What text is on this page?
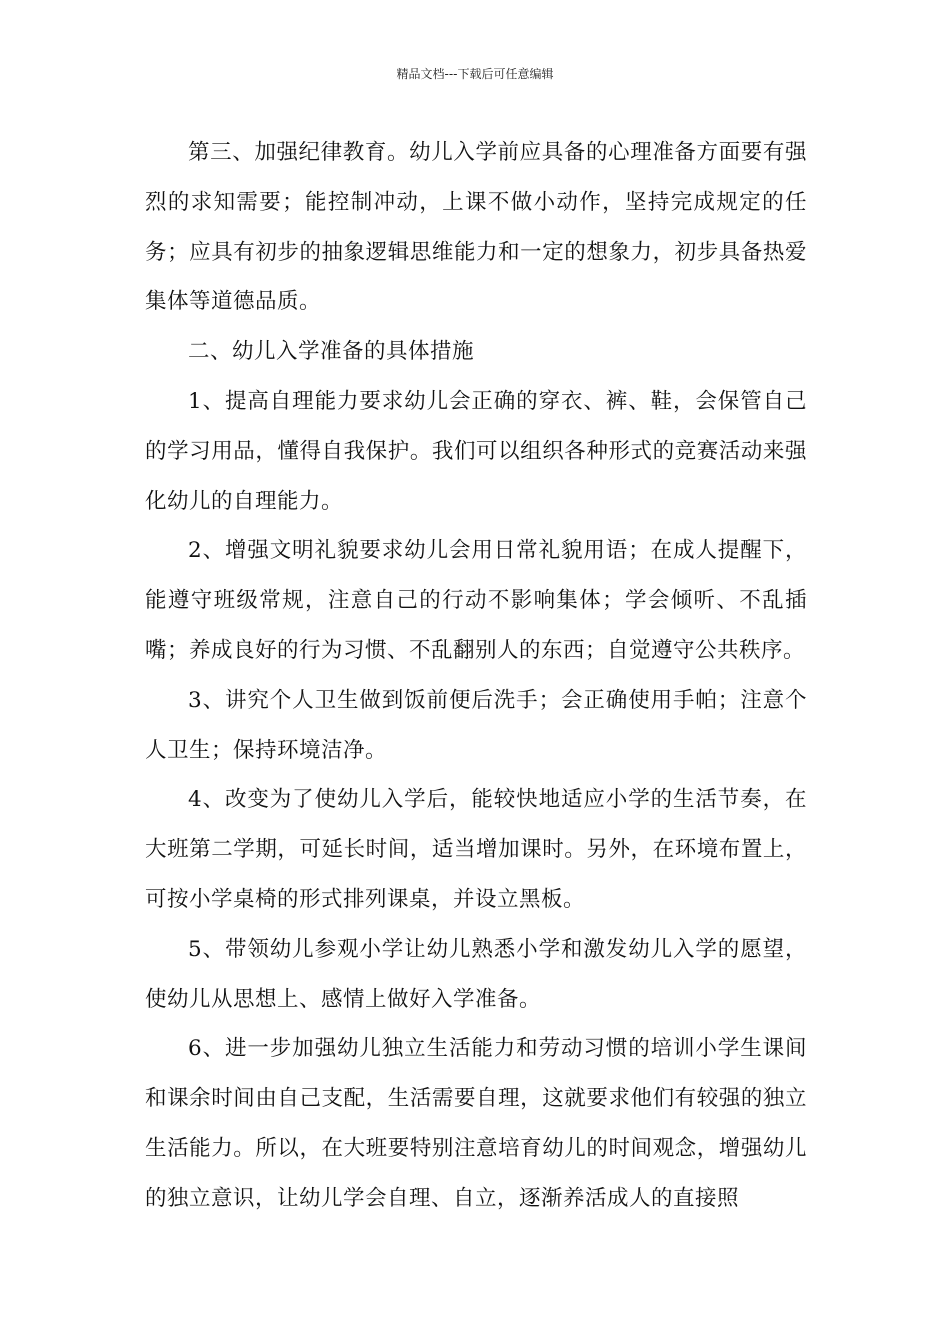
精品文档---下载后可任意编辑

第三、加强纪律教育。幼儿入学前应具备的心理准备方面要有强烈的求知需要；能控制冲动，上课不做小动作，坚持完成规定的任务；应具有初步的抽象逻辑思维能力和一定的想象力，初步具备热爱集体等道德品质。

二、幼儿入学准备的具体措施

1、提高自理能力要求幼儿会正确的穿衣、裤、鞋，会保管自己的学习用品，懂得自我保护。我们可以组织各种形式的竞赛活动来强化幼儿的自理能力。

2、增强文明礼貌要求幼儿会用日常礼貌用语；在成人提醒下，能遵守班级常规，注意自己的行动不影响集体；学会倾听、不乱插嘴；养成良好的行为习惯、不乱翻别人的东西；自觉遵守公共秩序。

3、讲究个人卫生做到饭前便后洗手；会正确使用手帕；注意个人卫生；保持环境洁净。

4、改变为了使幼儿入学后，能较快地适应小学的生活节奏，在大班第二学期，可延长时间，适当增加课时。另外，在环境布置上，可按小学桌椅的形式排列课桌，并设立黑板。

5、带领幼儿参观小学让幼儿熟悉小学和激发幼儿入学的愿望，使幼儿从思想上、感情上做好入学准备。

6、进一步加强幼儿独立生活能力和劳动习惯的培训小学生课间和课余时间由自己支配，生活需要自理，这就要求他们有较强的独立生活能力。所以，在大班要特别注意培育幼儿的时间观念，增强幼儿的独立意识，让幼儿学会自理、自立，逐渐养活成人的直接照
